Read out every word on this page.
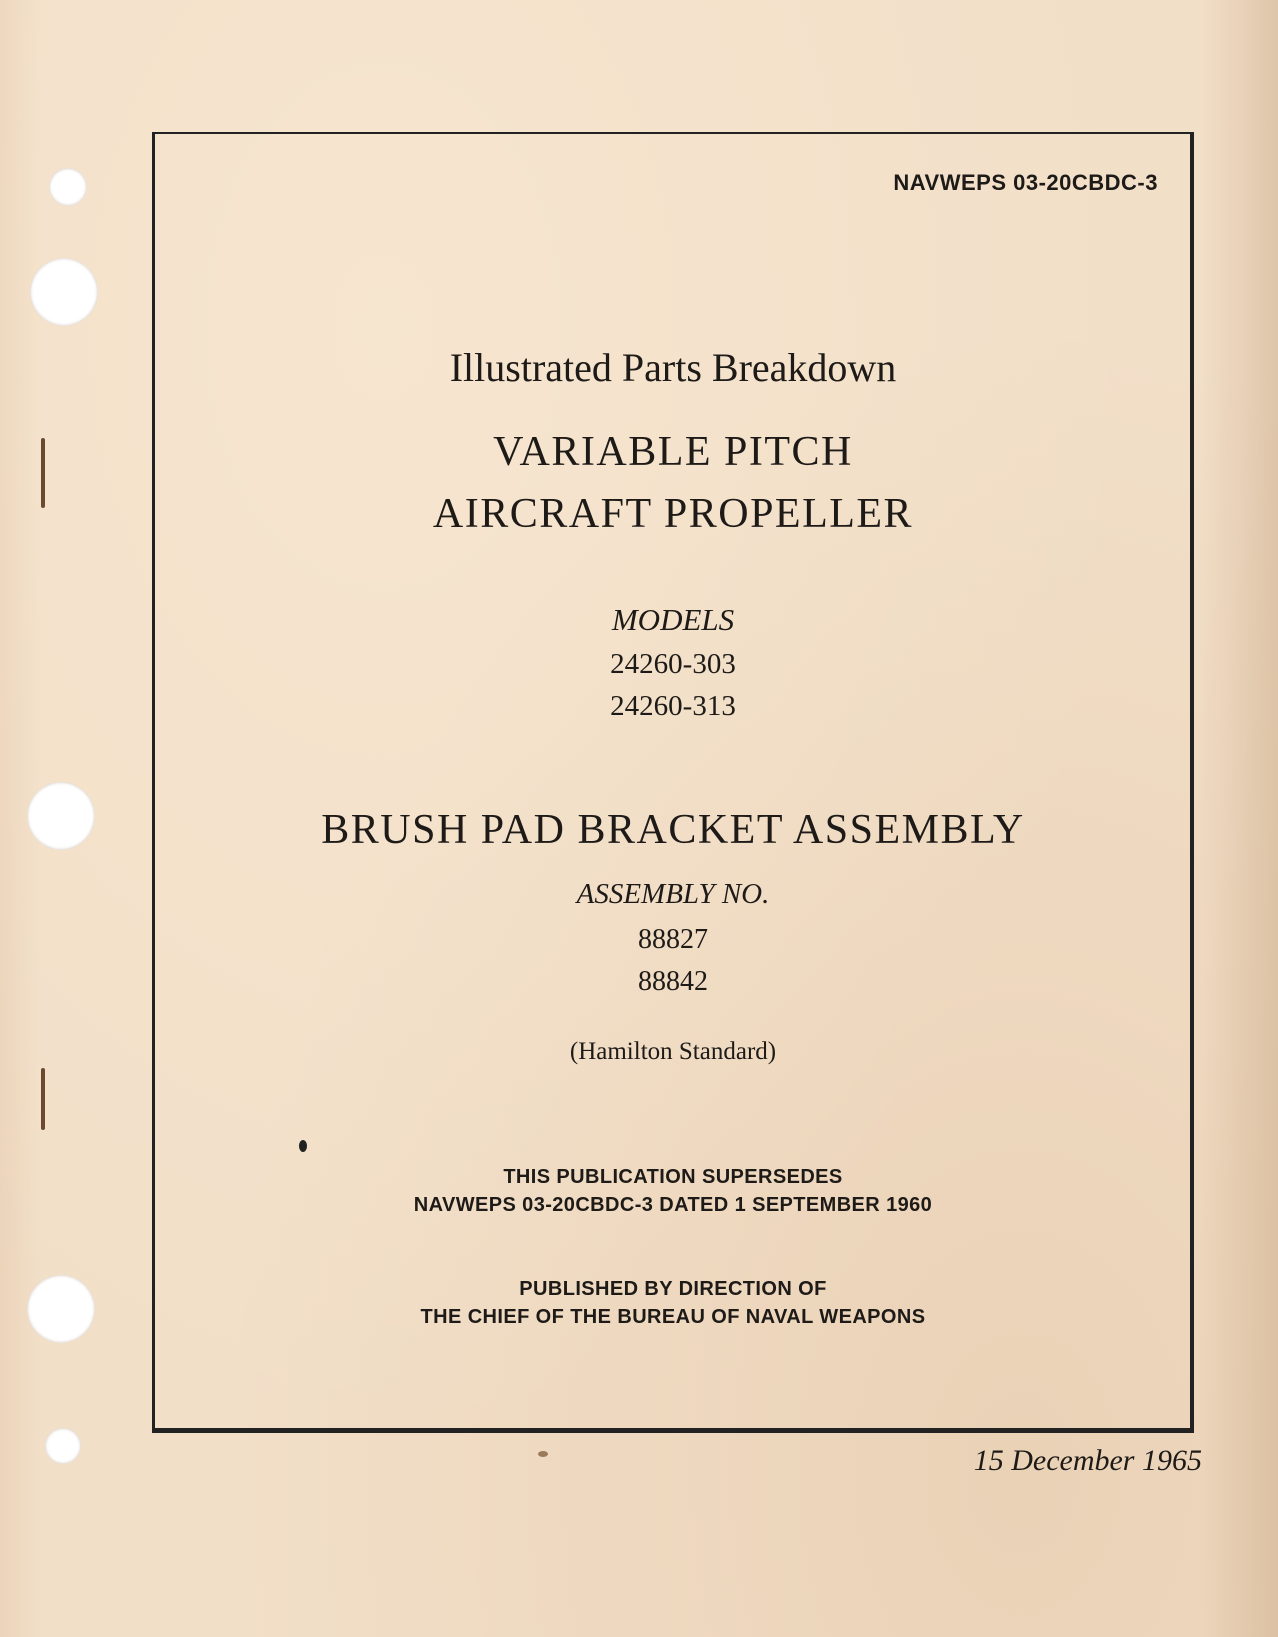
NAVWEPS 03-20CBDC-3
Illustrated Parts Breakdown
VARIABLE PITCH
AIRCRAFT PROPELLER
MODELS
24260-303
24260-313
BRUSH PAD BRACKET ASSEMBLY
ASSEMBLY NO.
88827
88842
(Hamilton Standard)
THIS PUBLICATION SUPERSEDES
NAVWEPS 03-20CBDC-3 DATED 1 SEPTEMBER 1960
PUBLISHED BY DIRECTION OF
THE CHIEF OF THE BUREAU OF NAVAL WEAPONS
15 December 1965
